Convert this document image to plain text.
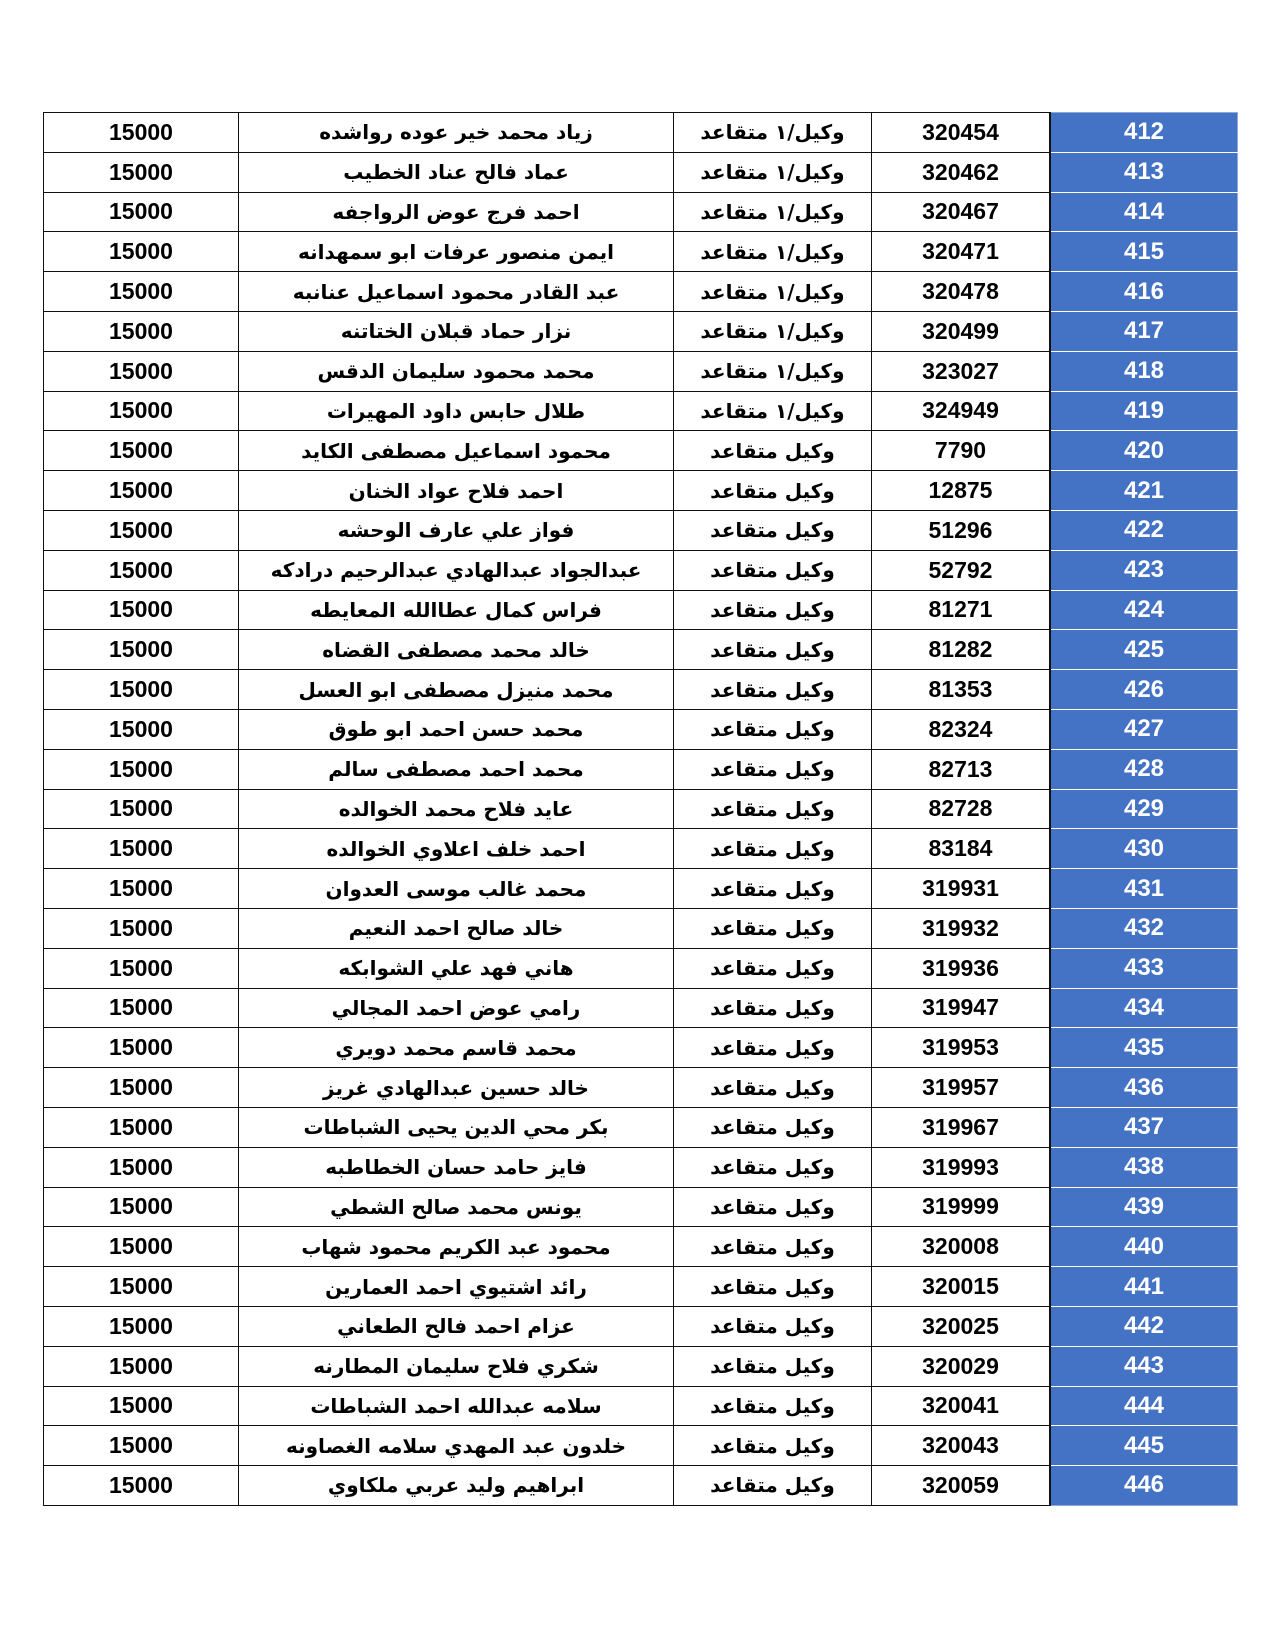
15000	زياد محمد خير عوده رواشده	وكيل/١ متقاعد	320454	412
15000	عماد فالح عناد الخطيب	وكيل/١ متقاعد	320462	413
15000	احمد فرج عوض الرواجفه	وكيل/١ متقاعد	320467	414
15000	ايمن منصور عرفات ابو سمهدانه	وكيل/١ متقاعد	320471	415
15000	عبد القادر محمود اسماعيل عنانبه	وكيل/١ متقاعد	320478	416
15000	نزار حماد قبلان الختاتنه	وكيل/١ متقاعد	320499	417
15000	محمد محمود سليمان الدقس	وكيل/١ متقاعد	323027	418
15000	طلال حابس داود المهيرات	وكيل/١ متقاعد	324949	419
15000	محمود اسماعيل مصطفى الكايد	وكيل متقاعد	7790	420
15000	احمد فلاح عواد الخنان	وكيل متقاعد	12875	421
15000	فواز علي عارف الوحشه	وكيل متقاعد	51296	422
15000	عبدالجواد عبدالهادي عبدالرحيم درادكه	وكيل متقاعد	52792	423
15000	فراس كمال عطاالله المعايطه	وكيل متقاعد	81271	424
15000	خالد محمد مصطفى القضاه	وكيل متقاعد	81282	425
15000	محمد منيزل مصطفى ابو العسل	وكيل متقاعد	81353	426
15000	محمد حسن احمد ابو طوق	وكيل متقاعد	82324	427
15000	محمد احمد مصطفى سالم	وكيل متقاعد	82713	428
15000	عايد فلاح محمد الخوالده	وكيل متقاعد	82728	429
15000	احمد خلف اعلاوي الخوالده	وكيل متقاعد	83184	430
15000	محمد غالب موسى العدوان	وكيل متقاعد	319931	431
15000	خالد صالح احمد النعيم	وكيل متقاعد	319932	432
15000	هاني فهد علي الشوابكه	وكيل متقاعد	319936	433
15000	رامي عوض احمد المجالي	وكيل متقاعد	319947	434
15000	محمد قاسم محمد دويري	وكيل متقاعد	319953	435
15000	خالد حسين عبدالهادي غريز	وكيل متقاعد	319957	436
15000	بكر محي الدين يحيى الشباطات	وكيل متقاعد	319967	437
15000	فايز حامد حسان الخطاطبه	وكيل متقاعد	319993	438
15000	يونس محمد صالح الشطي	وكيل متقاعد	319999	439
15000	محمود عبد الكريم محمود شهاب	وكيل متقاعد	320008	440
15000	رائد اشتيوي احمد العمارين	وكيل متقاعد	320015	441
15000	عزام احمد فالح الطعاني	وكيل متقاعد	320025	442
15000	شكري فلاح سليمان المطارنه	وكيل متقاعد	320029	443
15000	سلامه عبدالله احمد الشباطات	وكيل متقاعد	320041	444
15000	خلدون عبد المهدي سلامه الغصاونه	وكيل متقاعد	320043	445
15000	ابراهيم وليد عربي ملكاوي	وكيل متقاعد	320059	446
